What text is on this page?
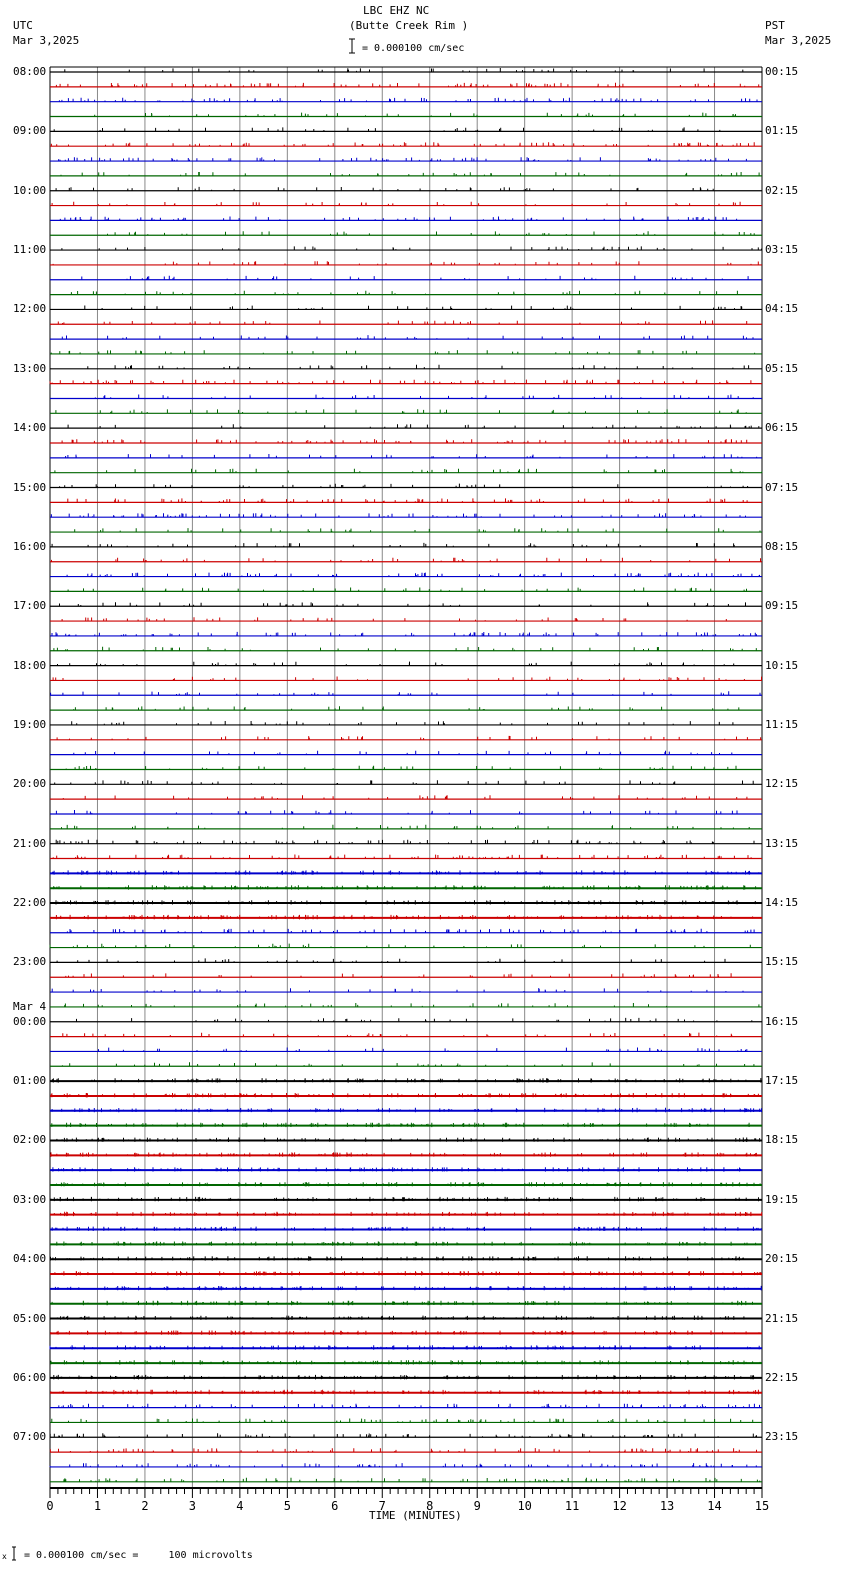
LBC EHZ NC
(Butte Creek Rim )
= 0.000100 cm/sec
UTC
Mar 3,2025
PST
Mar 3,2025
TIME (MINUTES)
x = 0.000100 cm/sec =     100 microvolts
08:00
09:00
10:00
11:00
12:00
13:00
14:00
15:00
16:00
17:00
18:00
19:00
20:00
21:00
22:00
23:00
00:00
Mar 4
01:00
02:00
03:00
04:00
05:00
06:00
07:00
00:15
01:15
02:15
03:15
04:15
05:15
06:15
07:15
08:15
09:15
10:15
11:15
12:15
13:15
14:15
15:15
16:15
17:15
18:15
19:15
20:15
21:15
22:15
23:15
0	1	2	3	4	5	6	7	8	9	10	11	12	13	14	15
